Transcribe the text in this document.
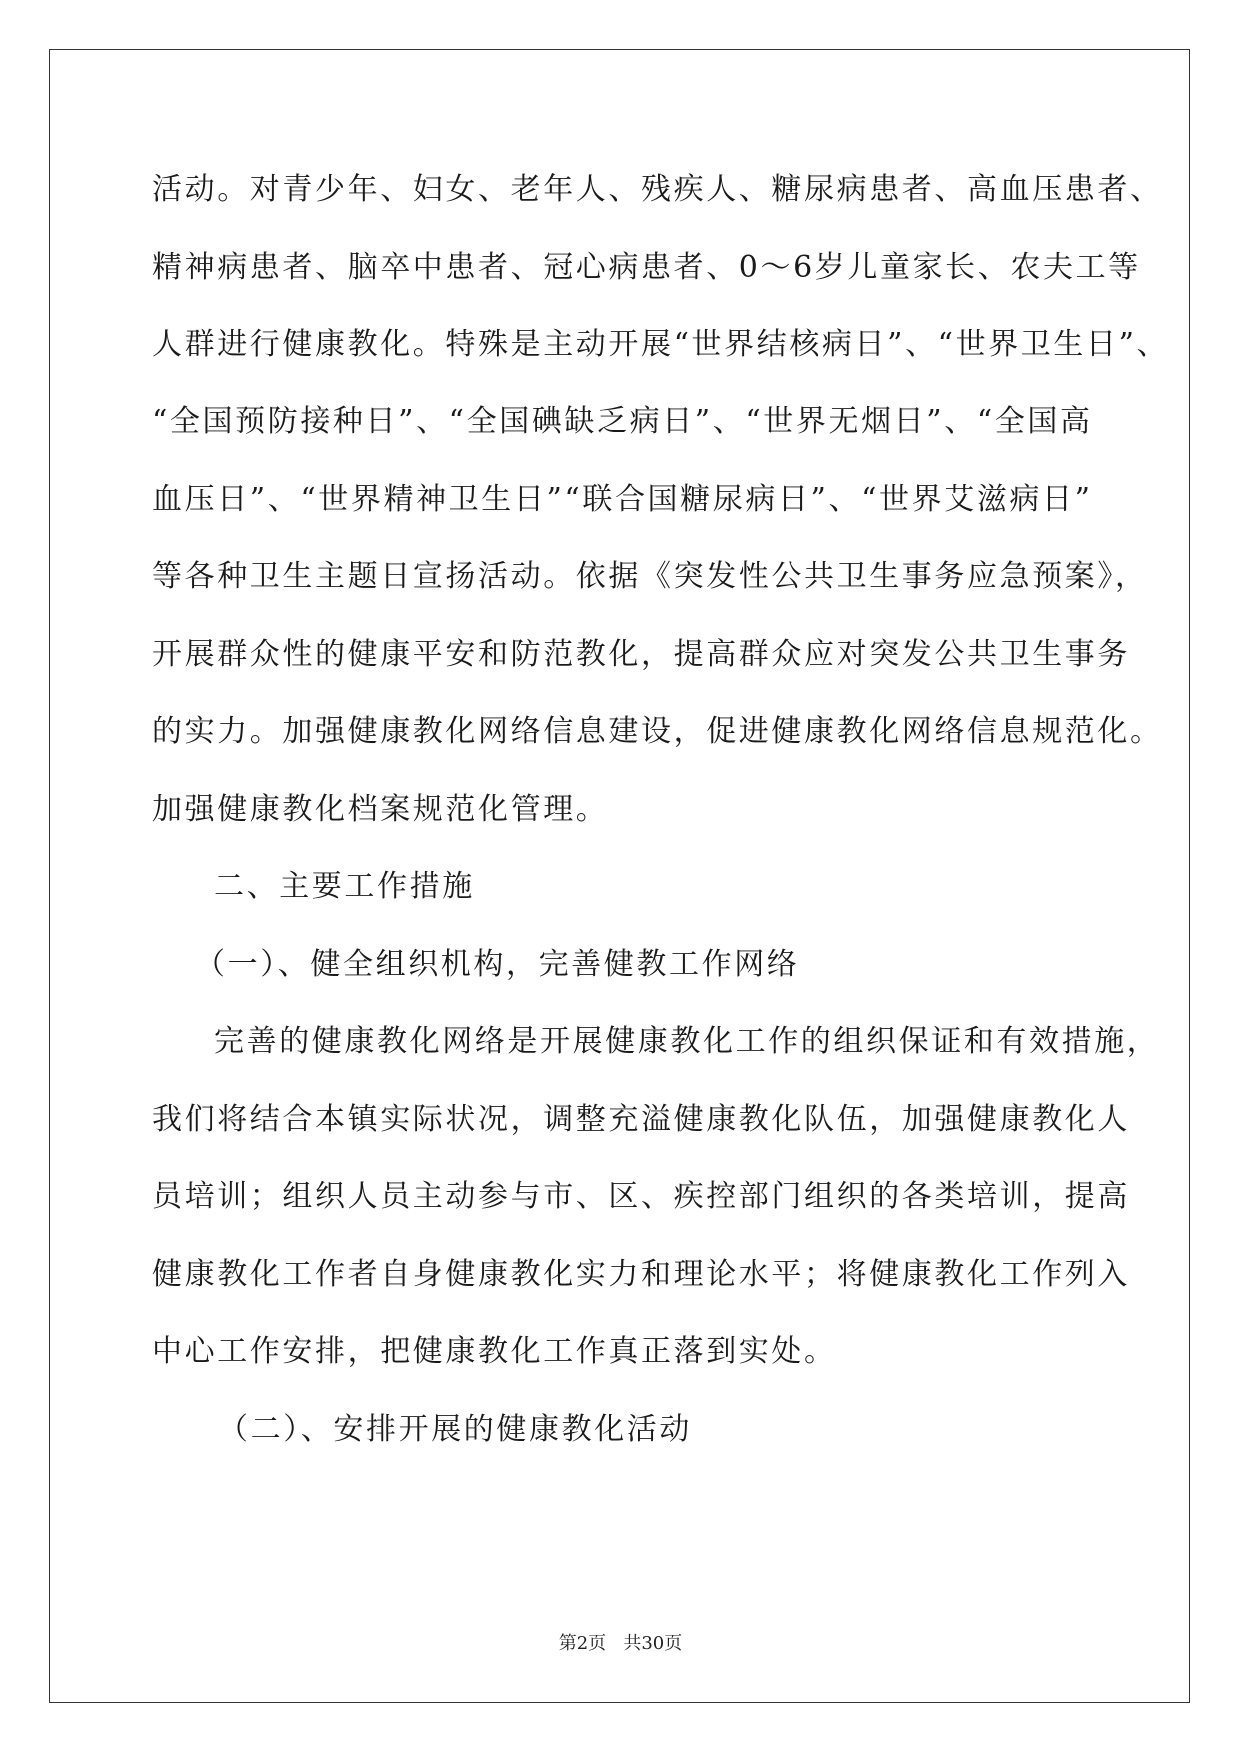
活动。对青少年、妇女、老年人、残疾人、糖尿病患者、高血压患者、
精神病患者、脑卒中患者、冠心病患者、0～6岁儿童家长、农夫工等
人群进行健康教化。特殊是主动开展“世界结核病日”、“世界卫生日”、
“全国预防接种日”、“全国碘缺乏病日”、“世界无烟日”、“全国高
血压日”、“世界精神卫生日”“联合国糖尿病日”、“世界艾滋病日”
等各种卫生主题日宣扬活动。依据《突发性公共卫生事务应急预案》，
开展群众性的健康平安和防范教化，提高群众应对突发公共卫生事务
的实力。加强健康教化网络信息建设，促进健康教化网络信息规范化。
加强健康教化档案规范化管理。
二、主要工作措施
（一）、健全组织机构，完善健教工作网络
完善的健康教化网络是开展健康教化工作的组织保证和有效措施，
我们将结合本镇实际状况，调整充溢健康教化队伍，加强健康教化人
员培训；组织人员主动参与市、区、疾控部门组织的各类培训，提高
健康教化工作者自身健康教化实力和理论水平；将健康教化工作列入
中心工作安排，把健康教化工作真正落到实处。
（二）、安排开展的健康教化活动
第2页   共30页
